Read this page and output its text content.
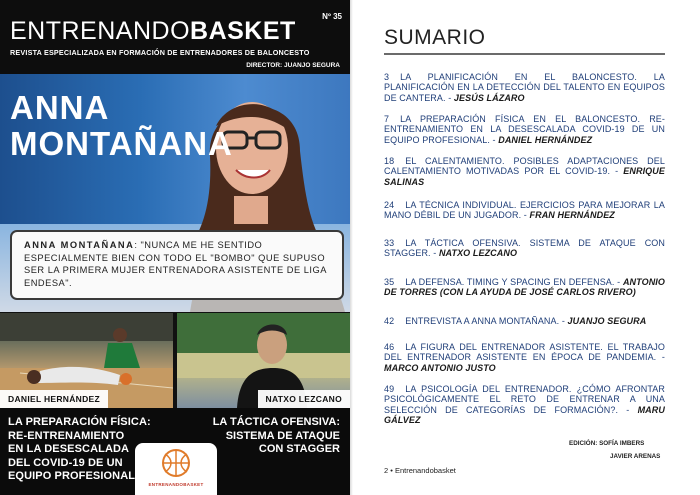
ENTRENANDOBASKET
Nº 35
REVISTA ESPECIALIZADA EN FORMACIÓN DE ENTRENADORES DE BALONCESTO
DIRECTOR: JUANJO SEGURA
ANNA
MONTAÑANA
ANNA MONTAÑANA: "NUNCA ME HE SENTIDO ESPECIALMENTE BIEN CON TODO EL "BOMBO" QUE SUPUSO SER LA PRIMERA MUJER ENTRENADORA ASISTENTE DE LIGA ENDESA".
DANIEL HERNÁNDEZ	NATXO LEZCANO
LA PREPARACIÓN FÍSICA:
RE-ENTRENAMIENTO
EN LA DESESCALADA
DEL COVID-19 DE UN
EQUIPO PROFESIONAL
LA TÁCTICA OFENSIVA:
SISTEMA DE ATAQUE
CON STAGGER
ENTRENANDOBASKET
SUMARIO
3 LA PLANIFICACIÓN EN EL BALONCESTO. LA PLANIFICACIÓN EN LA DETECCIÓN DEL TALENTO EN EQUIPOS DE CANTERA. - JESÚS LÁZARO
7 LA PREPARACIÓN FÍSICA EN EL BALONCESTO. RE-ENTRENAMIENTO EN LA DESESCALADA COVID-19 DE UN EQUIPO PROFESIONAL. - DANIEL HERNÁNDEZ
18 EL CALENTAMIENTO. POSIBLES ADAPTACIONES DEL CALENTAMIENTO MOTIVADAS POR EL COVID-19. - ENRIQUE SALINAS
24 LA TÉCNICA INDIVIDUAL. EJERCICIOS PARA MEJORAR LA MANO DÉBIL DE UN JUGADOR. - FRAN HERNÁNDEZ
33 LA TÁCTICA OFENSIVA. SISTEMA DE ATAQUE CON STAGGER. - NATXO LEZCANO
35 LA DEFENSA. TIMING Y SPACING EN DEFENSA. - ANTONIO DE TORRES (CON LA AYUDA DE JOSÉ CARLOS RIVERO)
42 ENTREVISTA A ANNA MONTAÑANA. - JUANJO SEGURA
46 LA FIGURA DEL ENTRENADOR ASISTENTE. EL TRABAJO DEL ENTRENADOR ASISTENTE EN ÉPOCA DE PANDEMIA. - MARCO ANTONIO JUSTO
49 LA PSICOLOGÍA DEL ENTRENADOR. ¿CÓMO AFRONTAR PSICOLÓGICAMENTE EL RETO DE ENTRENAR A UNA SELECCIÓN DE CATEGORÍAS DE FORMACIÓN?. - MARU GÁLVEZ
EDICIÓN: SOFÍA IMBERS
JAVIER ARENAS
2 • Entrenandobasket
